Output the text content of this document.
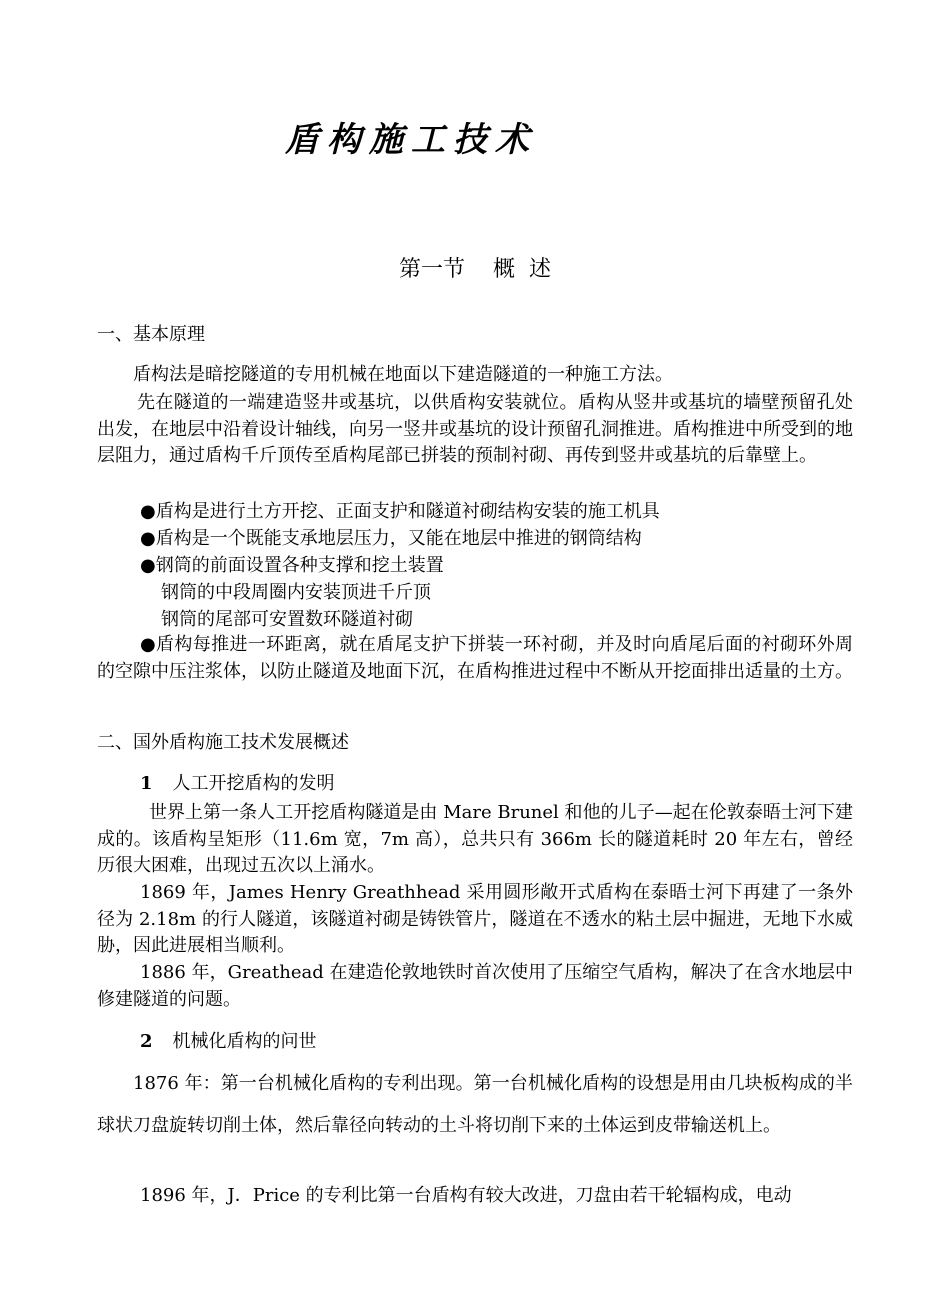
盾构施工技术
第一节    概  述
一、基本原理
盾构法是暗挖隧道的专用机械在地面以下建造隧道的一种施工方法。
先在隧道的一端建造竖井或基坑，以供盾构安装就位。盾构从竖井或基坑的墙壁预留孔处出发，在地层中沿着设计轴线，向另一竖井或基坑的设计预留孔洞推进。盾构推进中所受到的地层阻力，通过盾构千斤顶传至盾构尾部已拼装的预制衬砌、再传到竖井或基坑的后靠壁上。
●盾构是进行土方开挖、正面支护和隧道衬砌结构安装的施工机具
●盾构是一个既能支承地层压力，又能在地层中推进的钢筒结构
●钢筒的前面设置各种支撑和挖土装置
钢筒的中段周圈内安装顶进千斤顶
钢筒的尾部可安置数环隧道衬砌
●盾构每推进一环距离，就在盾尾支护下拼装一环衬砌，并及时向盾尾后面的衬砌环外周的空隙中压注浆体，以防止隧道及地面下沉，在盾构推进过程中不断从开挖面排出适量的土方。
二、国外盾构施工技术发展概述
1 人工开挖盾构的发明
世界上第一条人工开挖盾构隧道是由 Mare Brunel 和他的儿子—起在伦敦泰晤士河下建成的。该盾构呈矩形（11.6m 宽，7m 高），总共只有 366m 长的隧道耗时 20 年左右，曾经历很大困难，出现过五次以上涌水。
1869 年，James Henry Greathhead 采用圆形敞开式盾构在泰晤士河下再建了一条外径为 2.18m 的行人隧道，该隧道衬砌是铸铁管片，隧道在不透水的粘土层中掘进，无地下水威胁，因此进展相当顺利。
1886 年，Greathead 在建造伦敦地铁时首次使用了压缩空气盾构，解决了在含水地层中修建隧道的问题。
2 机械化盾构的问世
1876 年：第一台机械化盾构的专利出现。第一台机械化盾构的设想是用由几块板构成的半球状刀盘旋转切削土体，然后靠径向转动的土斗将切削下来的土体运到皮带输送机上。
1896 年，J．Price 的专利比第一台盾构有较大改进，刀盘由若干轮辐构成，电动
